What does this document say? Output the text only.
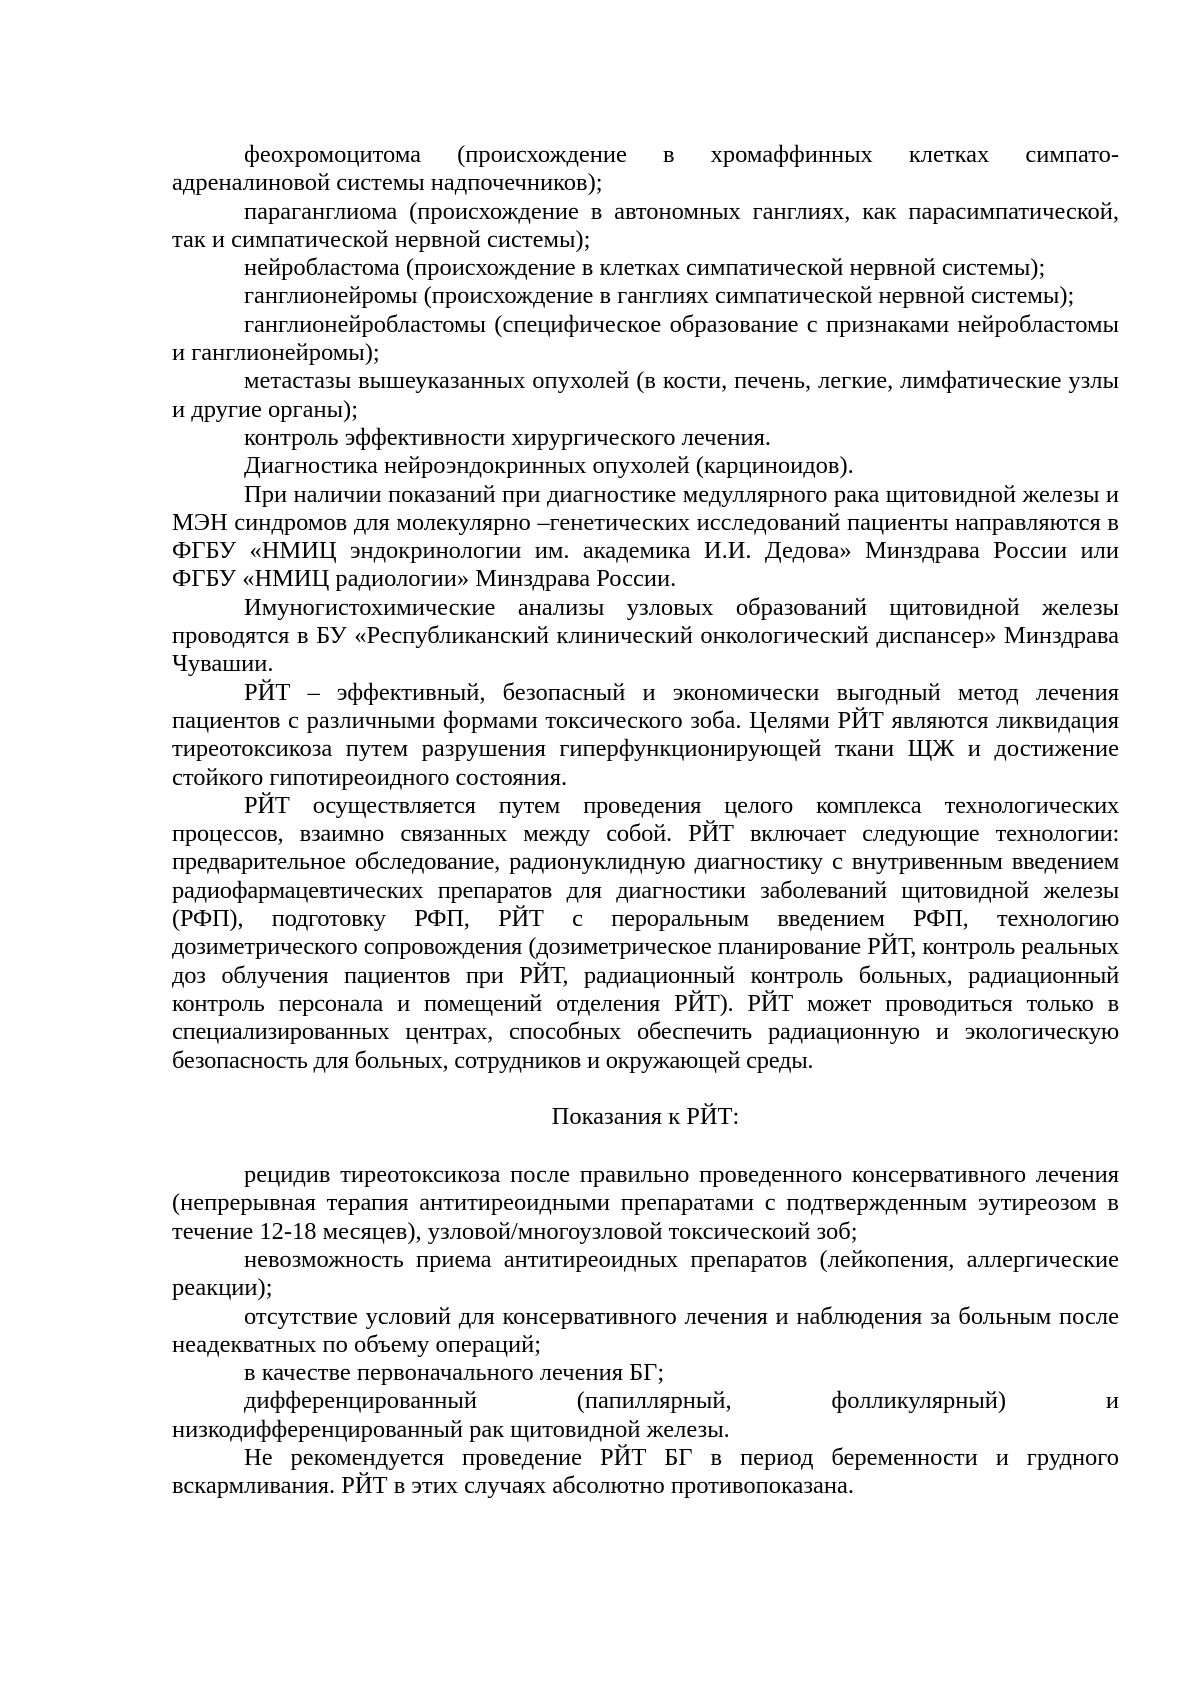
феохромоцитома (происхождение в хромаффинных клетках симпато-адреналиновой системы надпочечников);

параганглиома (происхождение в автономных ганглиях, как парасимпатической, так и симпатической нервной системы);

нейробластома (происхождение в клетках симпатической нервной системы);

ганглионейромы (происхождение в ганглиях симпатической нервной системы);

ганглионейробластомы (специфическое образование с признаками нейробластомы и ганглионейромы);

метастазы вышеуказанных опухолей (в кости, печень, легкие, лимфатические узлы и другие органы);

контроль эффективности хирургического лечения.

Диагностика нейроэндокринных опухолей (карциноидов).

При наличии показаний при диагностике медуллярного рака щитовидной железы и МЭН синдромов для молекулярно –генетических исследований пациенты направляются в ФГБУ «НМИЦ эндокринологии им. академика И.И. Дедова» Минздрава России или ФГБУ «НМИЦ радиологии» Минздрава России.

Имуногистохимические анализы узловых образований щитовидной железы проводятся в БУ «Республиканский клинический онкологический диспансер» Минздрава Чувашии.

РЙТ – эффективный, безопасный и экономически выгодный метод лечения пациентов с различными формами токсического зоба. Целями РЙТ являются ликвидация тиреотоксикоза путем разрушения гиперфункционирующей ткани ЩЖ и достижение стойкого гипотиреоидного состояния.

РЙТ осуществляется путем проведения целого комплекса технологических процессов, взаимно связанных между собой. РЙТ включает следующие технологии: предварительное обследование, радионуклидную диагностику с внутривенным введением радиофармацевтических препаратов для диагностики заболеваний щитовидной железы (РФП), подготовку РФП, РЙТ с пероральным введением РФП, технологию дозиметрического сопровождения (дозиметрическое планирование РЙТ, контроль реальных доз облучения пациентов при РЙТ, радиационный контроль больных, радиационный контроль персонала и помещений отделения РЙТ). РЙТ может проводиться только в специализированных центрах, способных обеспечить радиационную и экологическую безопасность для больных, сотрудников и окружающей среды.

Показания к РЙТ:

рецидив тиреотоксикоза после правильно проведенного консервативного лечения (непрерывная терапия антитиреоидными препаратами с подтвержденным эутиреозом в течение 12-18 месяцев), узловой/многоузловой токсическоий зоб;

невозможность приема антитиреоидных препаратов (лейкопения, аллергические реакции);

отсутствие условий для консервативного лечения и наблюдения за больным после неадекватных по объему операций;

в качестве первоначального лечения БГ;

дифференцированный (папиллярный, фолликулярный) и низкодифференцированный рак щитовидной железы.

Не рекомендуется проведение РЙТ БГ в период беременности и грудного вскармливания. РЙТ в этих случаях абсолютно противопоказана.
